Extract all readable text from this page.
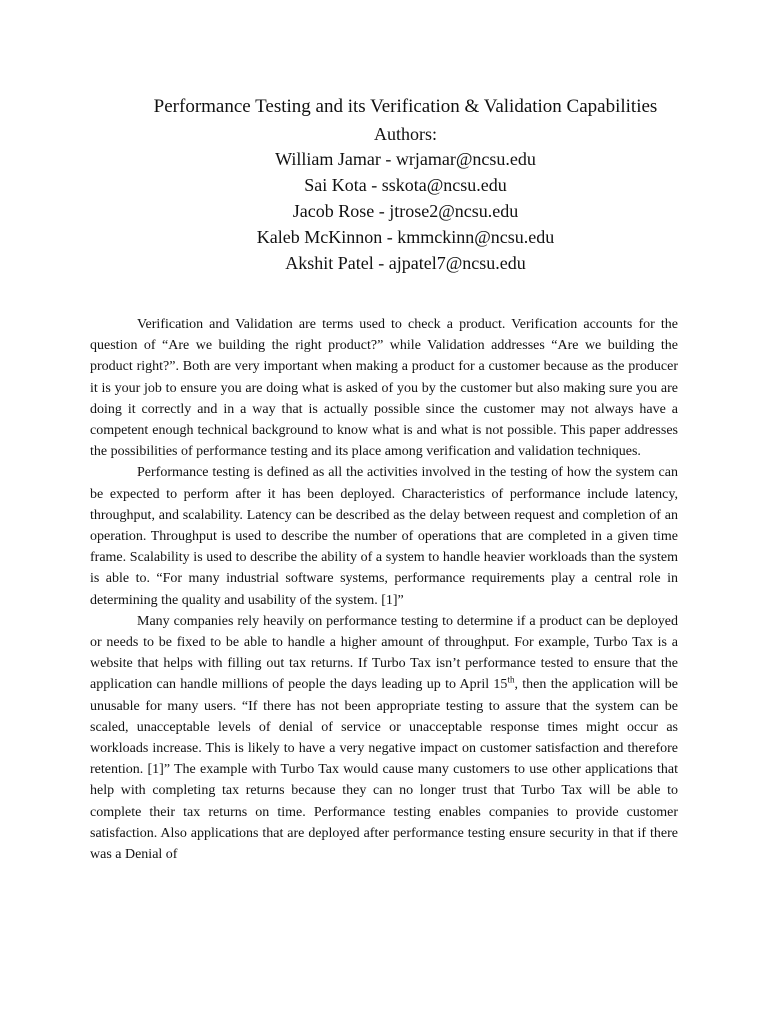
Performance Testing and its Verification & Validation Capabilities
Authors:
William Jamar - wrjamar@ncsu.edu
Sai Kota - sskota@ncsu.edu
Jacob Rose - jtrose2@ncsu.edu
Kaleb McKinnon - kmmckinn@ncsu.edu
Akshit Patel - ajpatel7@ncsu.edu

Verification and Validation are terms used to check a product. Verification accounts for the question of “Are we building the right product?” while Validation addresses “Are we building the product right?”. Both are very important when making a product for a customer because as the producer it is your job to ensure you are doing what is asked of you by the customer but also making sure you are doing it correctly and in a way that is actually possible since the customer may not always have a competent enough technical background to know what is and what is not possible. This paper addresses the possibilities of performance testing and its place among verification and validation techniques.

Performance testing is defined as all the activities involved in the testing of how the system can be expected to perform after it has been deployed. Characteristics of performance include latency, throughput, and scalability. Latency can be described as the delay between request and completion of an operation. Throughput is used to describe the number of operations that are completed in a given time frame. Scalability is used to describe the ability of a system to handle heavier workloads than the system is able to. “For many industrial software systems, performance requirements play a central role in determining the quality and usability of the system. [1]”

Many companies rely heavily on performance testing to determine if a product can be deployed or needs to be fixed to be able to handle a higher amount of throughput. For example, Turbo Tax is a website that helps with filling out tax returns. If Turbo Tax isn’t performance tested to ensure that the application can handle millions of people the days leading up to April 15th, then the application will be unusable for many users. “If there has not been appropriate testing to assure that the system can be scaled, unacceptable levels of denial of service or unacceptable response times might occur as workloads increase. This is likely to have a very negative impact on customer satisfaction and therefore retention. [1]” The example with Turbo Tax would cause many customers to use other applications that help with completing tax returns because they can no longer trust that Turbo Tax will be able to complete their tax returns on time. Performance testing enables companies to provide customer satisfaction. Also applications that are deployed after performance testing ensure security in that if there was a Denial of
